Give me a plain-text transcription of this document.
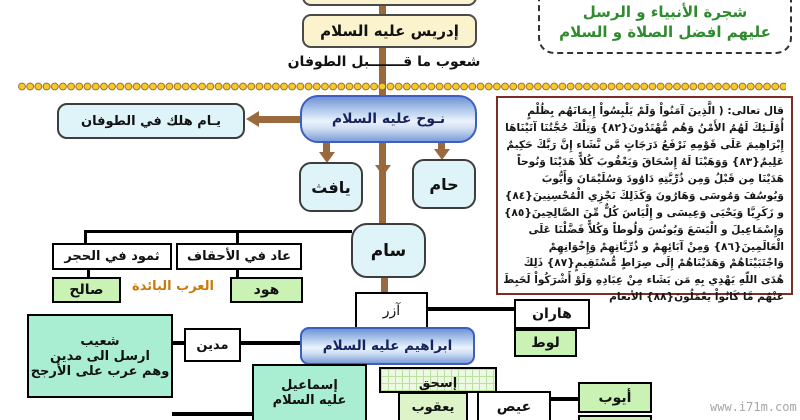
إدريس عليه السلام
شعوب ما قـــــــبل الطوفان
شجرة الأنبياء و الرسل
عليهم افضل الصلاة و السلام
يـام هلك في الطوفان	نـوح عليه السلام
يافث	حام
سام
قال تعالى: ( الَّذِينَ آمَنُواْ وَلَمْ يَلْبِسُواْ إِيمَانَهُم بِظُلْمٍ أُوْلَـئِكَ لَهُمُ الأَمْنُ وَهُم مُّهْتَدُونَ{٨٢} وَتِلْكَ حُجَّتُنَا آتَيْنَاهَا إِبْرَاهِيمَ عَلَى قَوْمِهِ نَرْفَعُ دَرَجَاتٍ مَّن نَّشَاء إِنَّ رَبَّكَ حَكِيمٌ عَلِيمٌ{٨٣} وَوَهَبْنَا لَهُ إِسْحَاقَ وَيَعْقُوبَ كُلاًّ هَدَيْنَا وَنُوحاً هَدَيْنَا مِن قَبْلُ وَمِن ذُرِّيَّتِهِ دَاوُودَ وَسُلَيْمَانَ وَأَيُّوبَ وَيُوسُفَ وَمُوسَى وَهَارُونَ وَكَذَلِكَ نَجْزِي الْمُحْسِنِينَ{٨٤} و زَكَرِيَّا وَيَحْيَى وَعِيسَى و إِلْيَاسَ كُلٌّ مِّنَ الصَّالِحِينَ{٨٥} وَإِسْمَاعِيلَ و الْيَسَعَ وَيُونُسَ وَلُوطاً وَكُلاًّ فَضَّلْنَا عَلَى الْعَالَمِينَ{٨٦} وَمِنْ آبَائِهِمْ و ذُرِّيَّاتِهِمْ وَإِخْوَانِهِمْ وَاجْتَبَيْنَاهُمْ وَهَدَيْنَاهُمْ إِلَى صِرَاطٍ مُّسْتَقِيمٍ{٨٧} ذَلِكَ هُدَى اللّهِ يَهْدِي بِهِ مَن يَشَاء مِنْ عِبَادِهِ وَلَوْ أَشْرَكُواْ لَحَبِطَ عَنْهُم مَّا كَانُواْ يَعْمَلُونَ{٨٨} الأنعام
ثمود في الحجر عاد في الأحقاف
صالح	العرب البائدة	هود
آزر	هاران
لوط
شعيب
ارسل الى مدين
وهم عرب على الأرجح
مدين	ابراهيم عليه السلام
إسماعيل
عليه السلام
إسحق
يعقوب	عيص
أيوب
www.i71m.com
